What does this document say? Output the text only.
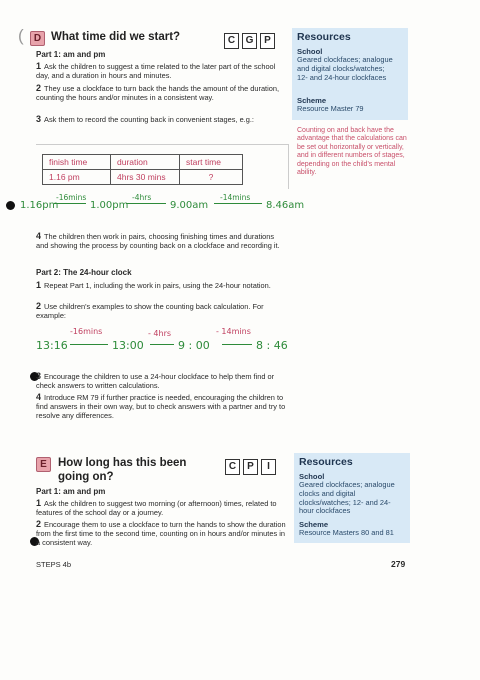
(	D What time did we start?	C G P	Resources
School
Geared clockfaces; analogue and digital clocks/watches; 12- and 24-hour clockfaces
Scheme
Resource Master 79
Part 1: am and pm
1 Ask the children to suggest a time related to the later part of the school day, and a duration in hours and minutes.
2 They use a clockface to turn back the hands the amount of the duration, counting the hours and/or minutes in a consistent way.
3 Ask them to record the counting back in convenient stages, e.g.:
Counting on and back have the advantage that the calculations can be set out horizontally or vertically, and in different numbers of stages, depending on the child's mental ability.
finish time	duration	start time
1.16 pm	4hrs 30 mins	?
1.16pm
-16mins
1.00pm
-4hrs
9.00am
-14mins
8.46am
4 The children then work in pairs, choosing finishing times and durations and showing the process by counting back on a clockface and recording it.
Part 2: The 24-hour clock
1 Repeat Part 1, including the work in pairs, using the 24-hour notation.
2 Use children's examples to show the counting back calculation. For example:
13:16
-16mins
13:00
- 4hrs
9 : 00
- 14mins
8 : 46
3 Encourage the children to use a 24-hour clockface to help them find or check answers to written calculations.
4 Introduce RM 79 if further practice is needed, encouraging the children to find answers in their own way, but to check answers with a partner and try to resolve any differences.
E How long has this been
going on?
C P I	Resources
School
Geared clockfaces; analogue clocks and digital clocks/watches; 12- and 24-hour clockfaces
Scheme
Resource Masters 80 and 81
Part 1: am and pm
1 Ask the children to suggest two morning (or afternoon) times, related to features of the school day or a journey.
2 Encourage them to use a clockface to turn the hands to show the duration from the first time to the second time, counting on in hours and/or minutes in a consistent way.
STEPS 4b	279
